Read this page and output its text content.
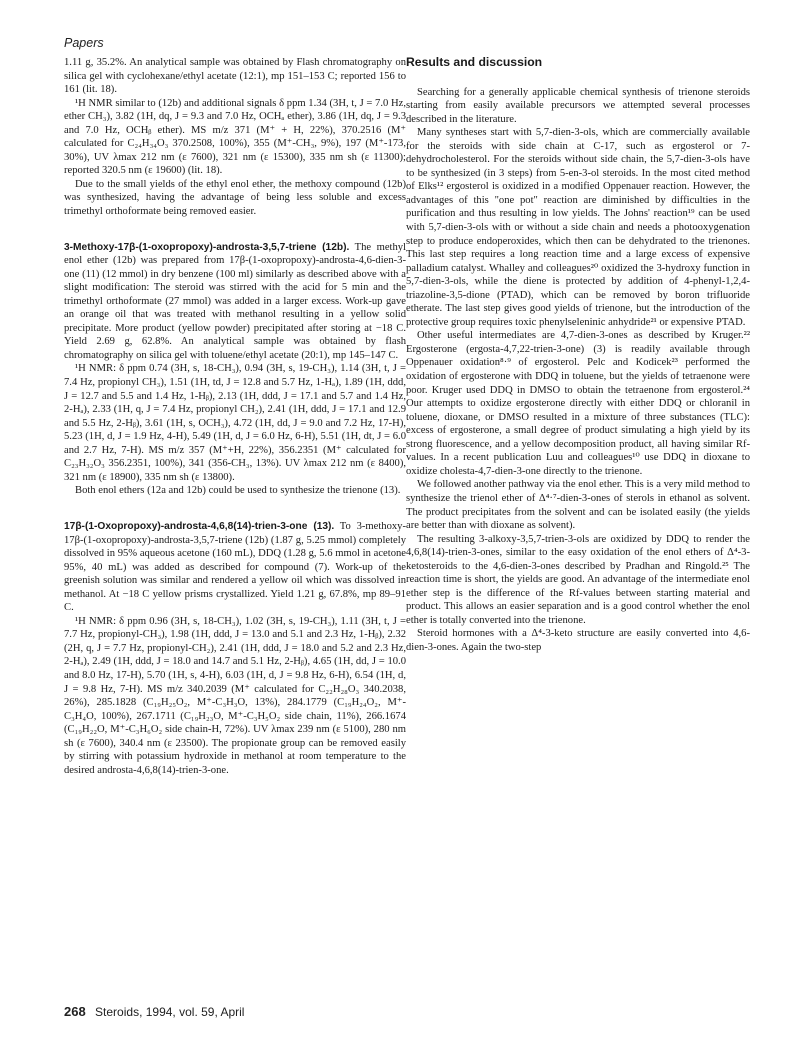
Papers

1.11 g, 35.2%. An analytical sample was obtained by Flash chromatography on silica gel with cyclohexane/ethyl acetate (12:1), mp 151–153 C; reported 156 to 161 (lit. 18).

¹H NMR similar to (12b) and additional signals δ ppm 1.34 (3H, t, J = 7.0 Hz, ether CH₃), 3.82 (1H, dq, J = 9.3 and 7.0 Hz, OCHₐ ether), 3.86 (1H, dq, J = 9.3 and 7.0 Hz, OCHᵦ ether). MS m/z 371 (M⁺ + H, 22%), 370.2516 (M⁺ calculated for C₂₄H₃₄O₃ 370.2508, 100%), 355 (M⁺-CH₃, 9%), 197 (M⁺-173, 30%), UV λmax 212 nm (ε 7600), 321 nm (ε 15300), 335 nm sh (ε 11300); reported 320.5 nm (ε 19600) (lit. 18).

Due to the small yields of the ethyl enol ether, the methoxy compound (12b) was synthesized, having the advantage of being less soluble and excess trimethyl orthoformate being removed easier.

3-Methoxy-17β-(1-oxopropoxy)-androsta-3,5,7-triene (12b). The methyl enol ether (12b) was prepared from 17β-(1-oxopropoxy)-androsta-4,6-dien-3-one (11) (12 mmol) in dry benzene (100 ml) similarly as described above with a slight modification: The steroid was stirred with the acid for 5 min and the trimethyl orthoformate (27 mmol) was added in a larger excess. Work-up gave an orange oil that was treated with methanol resulting in a yellow solid precipitate. More product (yellow powder) precipitated after storing at −18 C. Yield 2.69 g, 62.8%. An analytical sample was obtained by flash chromatography on silica gel with toluene/ethyl acetate (20:1), mp 145–147 C.

¹H NMR: δ ppm 0.74 (3H, s, 18-CH₃), 0.94 (3H, s, 19-CH₃), 1.14 (3H, t, J = 7.4 Hz, propionyl CH₃), 1.51 (1H, td, J = 12.8 and 5.7 Hz, 1-Hₐ), 1.89 (1H, ddd, J = 12.7 and 5.5 and 1.4 Hz, 1-Hᵦ), 2.13 (1H, ddd, J = 17.1 and 5.7 and 1.4 Hz, 2-Hₐ), 2.33 (1H, q, J = 7.4 Hz, propionyl CH₂), 2.41 (1H, ddd, J = 17.1 and 12.9 and 5.5 Hz, 2-Hᵦ), 3.61 (1H, s, OCH₃), 4.72 (1H, dd, J = 9.0 and 7.2 Hz, 17-H), 5.23 (1H, d, J = 1.9 Hz, 4-H), 5.49 (1H, d, J = 6.0 Hz, 6-H), 5.51 (1H, dt, J = 6.0 and 2.7 Hz, 7-H). MS m/z 357 (M⁺+H, 22%), 356.2351 (M⁺ calculated for C₂₃H₃₂O₃ 356.2351, 100%), 341 (356-CH₃, 13%). UV λmax 212 nm (ε 8400), 321 nm (ε 18900), 335 nm sh (ε 13800).

Both enol ethers (12a and 12b) could be used to synthesize the trienone (13).

17β-(1-Oxopropoxy)-androsta-4,6,8(14)-trien-3-one (13). To 3-methoxy-17β-(1-oxopropoxy)-androsta-3,5,7-triene (12b) (1.87 g, 5.25 mmol) completely dissolved in 95% aqueous acetone (160 mL), DDQ (1.28 g, 5.6 mmol in acetone 95%, 40 mL) was added as described for compound (7). Work-up of the greenish solution was similar and rendered a yellow oil which was dissolved in methanol. At −18 C yellow prisms crystallized. Yield 1.21 g, 67.8%, mp 89–91 C.

¹H NMR: δ ppm 0.96 (3H, s, 18-CH₃), 1.02 (3H, s, 19-CH₃), 1.11 (3H, t, J = 7.7 Hz, propionyl-CH₃), 1.98 (1H, ddd, J = 13.0 and 5.1 and 2.3 Hz, 1-Hᵦ), 2.32 (2H, q, J = 7.7 Hz, propionyl-CH₂), 2.41 (1H, ddd, J = 18.0 and 5.2 and 2.3 Hz, 2-Hₐ), 2.49 (1H, ddd, J = 18.0 and 14.7 and 5.1 Hz, 2-Hᵦ), 4.65 (1H, dd, J = 10.0 and 8.0 Hz, 17-H), 5.70 (1H, s, 4-H), 6.03 (1H, d, J = 9.8 Hz, 6-H), 6.54 (1H, d, J = 9.8 Hz, 7-H). MS m/z 340.2039 (M⁺ calculated for C₂₂H₂₈O₃ 340.2038, 26%), 285.1828 (C₁₉H₂₅O₂, M⁺-C₃H₃O, 13%), 284.1779 (C₁₉H₂₄O₂, M⁺-C₃H₄O, 100%), 267.1711 (C₁₉H₂₃O, M⁺-C₃H₅O₂ side chain, 11%), 266.1674 (C₁₉H₂₂O, M⁺-C₃H₆O₂ side chain-H, 72%). UV λmax 239 nm (ε 5100), 280 nm sh (ε 7600), 340.4 nm (ε 23500). The propionate group can be removed easily by stirring with potassium hydroxide in methanol at room temperature to the desired androsta-4,6,8(14)-trien-3-one.

Results and discussion

Searching for a generally applicable chemical synthesis of trienone steroids starting from easily available precursors we attempted several processes described in the literature.

Many syntheses start with 5,7-dien-3-ols, which are commercially available for the steroids with side chain at C-17, such as ergosterol or 7-dehydrocholesterol. For the steroids without side chain, the 5,7-dien-3-ols have to be synthesized (in 3 steps) from 5-en-3-ol steroids. In the most cited method of Elks¹² ergosterol is oxidized in a modified Oppenauer reaction. However, the advantages of this "one pot" reaction are diminished by difficulties in the purification and thus resulting in low yields. The Johns' reaction¹⁹ can be used with 5,7-dien-3-ols with or without a side chain and needs a photooxygenation step to produce endoperoxides, which then can be dehydrated to the trienones. This last step requires a long reaction time and a large excess of expensive palladium catalyst. Whalley and colleagues²⁰ oxidized the 3-hydroxy function in 5,7-dien-3-ols, while the diene is protected by addition of 4-phenyl-1,2,4-triazoline-3,5-dione (PTAD), which can be removed by boron trifluoride etherate. The last step gives good yields of trienone, but the introduction of the protective group requires toxic phenylseleninic anhydride²¹ or expensive PTAD.

Other useful intermediates are 4,7-dien-3-ones as described by Kruger.²² Ergosterone (ergosta-4,7,22-trien-3-one) (3) is readily available through Oppenauer oxidation⁸·⁹ of ergosterol. Pelc and Kodicek²³ performed the oxidation of ergosterone with DDQ in toluene, but the yields of tetraenone were poor. Kruger used DDQ in DMSO to obtain the tetraenone from ergosterol.²⁴ Our attempts to oxidize ergosterone directly with either DDQ or chloranil in toluene, dioxane, or DMSO resulted in a mixture of three substances (TLC): excess of ergosterone, a small degree of product simulating a high yield by its strong fluorescence, and a yellow decomposition product, all having similar Rf-values. In a recent publication Luu and colleagues¹⁰ use DDQ in dioxane to oxidize cholesta-4,7-dien-3-one directly to the trienone.

We followed another pathway via the enol ether. This is a very mild method to synthesize the trienol ether of Δ⁴·⁷-dien-3-ones of sterols in ethanol as solvent. The product precipitates from the solvent and can be isolated easily (the yields are better than with dioxane as solvent).

The resulting 3-alkoxy-3,5,7-trien-3-ols are oxidized by DDQ to render the 4,6,8(14)-trien-3-ones, similar to the easy oxidation of the enol ethers of Δ⁴-3-ketosteroids to the 4,6-dien-3-ones described by Pradhan and Ringold.²⁵ The reaction time is short, the yields are good. An advantage of the intermediate enol ether step is the difference of the Rf-values between starting material and product. This allows an easier separation and is a good control whether the enol ether is totally converted into the trienone.

Steroid hormones with a Δ⁴-3-keto structure are easily converted into 4,6-dien-3-ones. Again the two-step

268 Steroids, 1994, vol. 59, April
